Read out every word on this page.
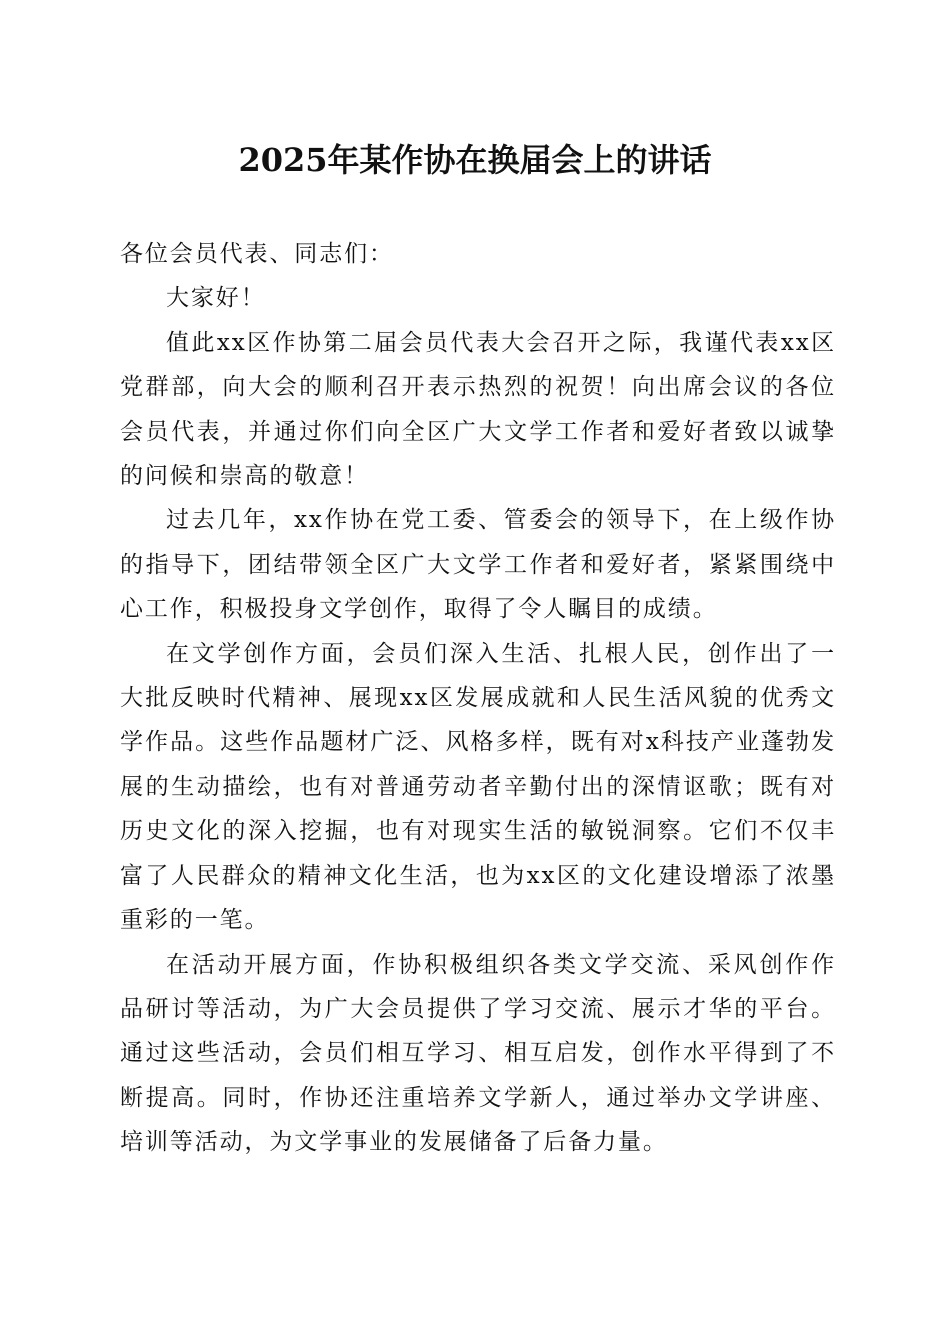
2025年某作协在换届会上的讲话

各位会员代表、同志们：

大家好！

值此xx区作协第二届会员代表大会召开之际，我谨代表xx区党群部，向大会的顺利召开表示热烈的祝贺！向出席会议的各位会员代表，并通过你们向全区广大文学工作者和爱好者致以诚挚的问候和崇高的敬意！

过去几年，xx作协在党工委、管委会的领导下，在上级作协的指导下，团结带领全区广大文学工作者和爱好者，紧紧围绕中心工作，积极投身文学创作，取得了令人瞩目的成绩。

在文学创作方面，会员们深入生活、扎根人民，创作出了一大批反映时代精神、展现xx区发展成就和人民生活风貌的优秀文学作品。这些作品题材广泛、风格多样，既有对x科技产业蓬勃发展的生动描绘，也有对普通劳动者辛勤付出的深情讴歌；既有对历史文化的深入挖掘，也有对现实生活的敏锐洞察。它们不仅丰富了人民群众的精神文化生活，也为xx区的文化建设增添了浓墨重彩的一笔。

在活动开展方面，作协积极组织各类文学交流、采风创作作品研讨等活动，为广大会员提供了学习交流、展示才华的平台。通过这些活动，会员们相互学习、相互启发，创作水平得到了不断提高。同时，作协还注重培养文学新人，通过举办文学讲座、培训等活动，为文学事业的发展储备了后备力量。
